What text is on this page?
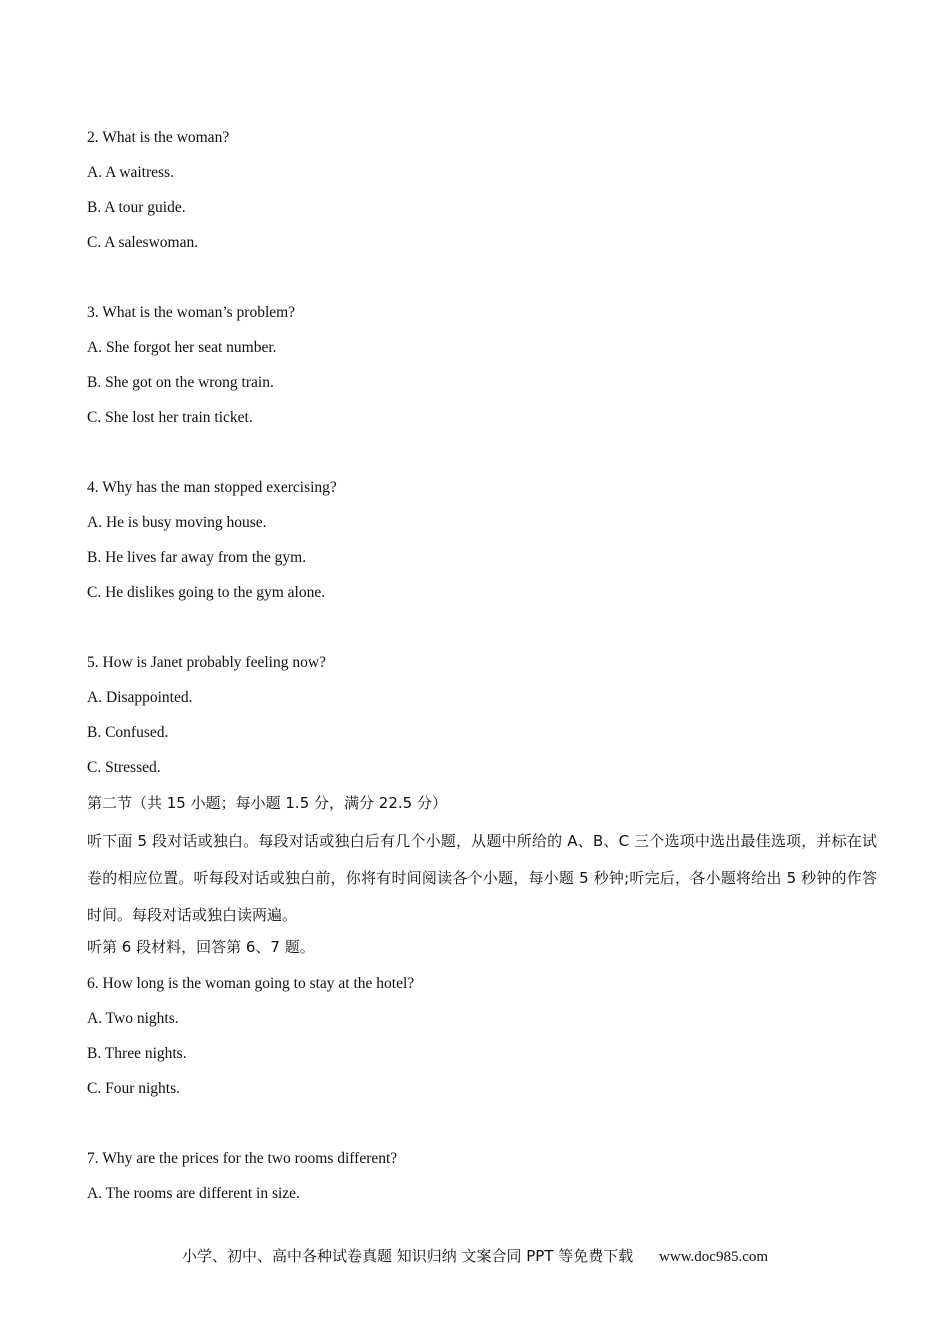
2. What is the woman?
A. A waitress.
B. A tour guide.
C. A saleswoman.
3. What is the woman’s problem?
A. She forgot her seat number.
B. She got on the wrong train.
C. She lost her train ticket.
4. Why has the man stopped exercising?
A. He is busy moving house.
B. He lives far away from the gym.
C. He dislikes going to the gym alone.
5. How is Janet probably feeling now?
A. Disappointed.
B. Confused.
C. Stressed.
第二节（共 15 小题；每小题 1.5 分，满分 22.5 分）
听下面 5 段对话或独白。每段对话或独白后有几个小题，从题中所给的 A、B、C 三个选项中选出最佳选项，并标在试卷的相应位置。听每段对话或独白前，你将有时间阅读各个小题，每小题 5 秒钟;听完后，各小题将给出 5 秒钟的作答时间。每段对话或独白读两遍。
听第 6 段材料，回答第 6、7 题。
6. How long is the woman going to stay at the hotel?
A. Two nights.
B. Three nights.
C. Four nights.
7. Why are the prices for the two rooms different?
A. The rooms are different in size.
小学、初中、高中各种试卷真题 知识归纳 文案合同 PPT 等免费下载 www.doc985.com
